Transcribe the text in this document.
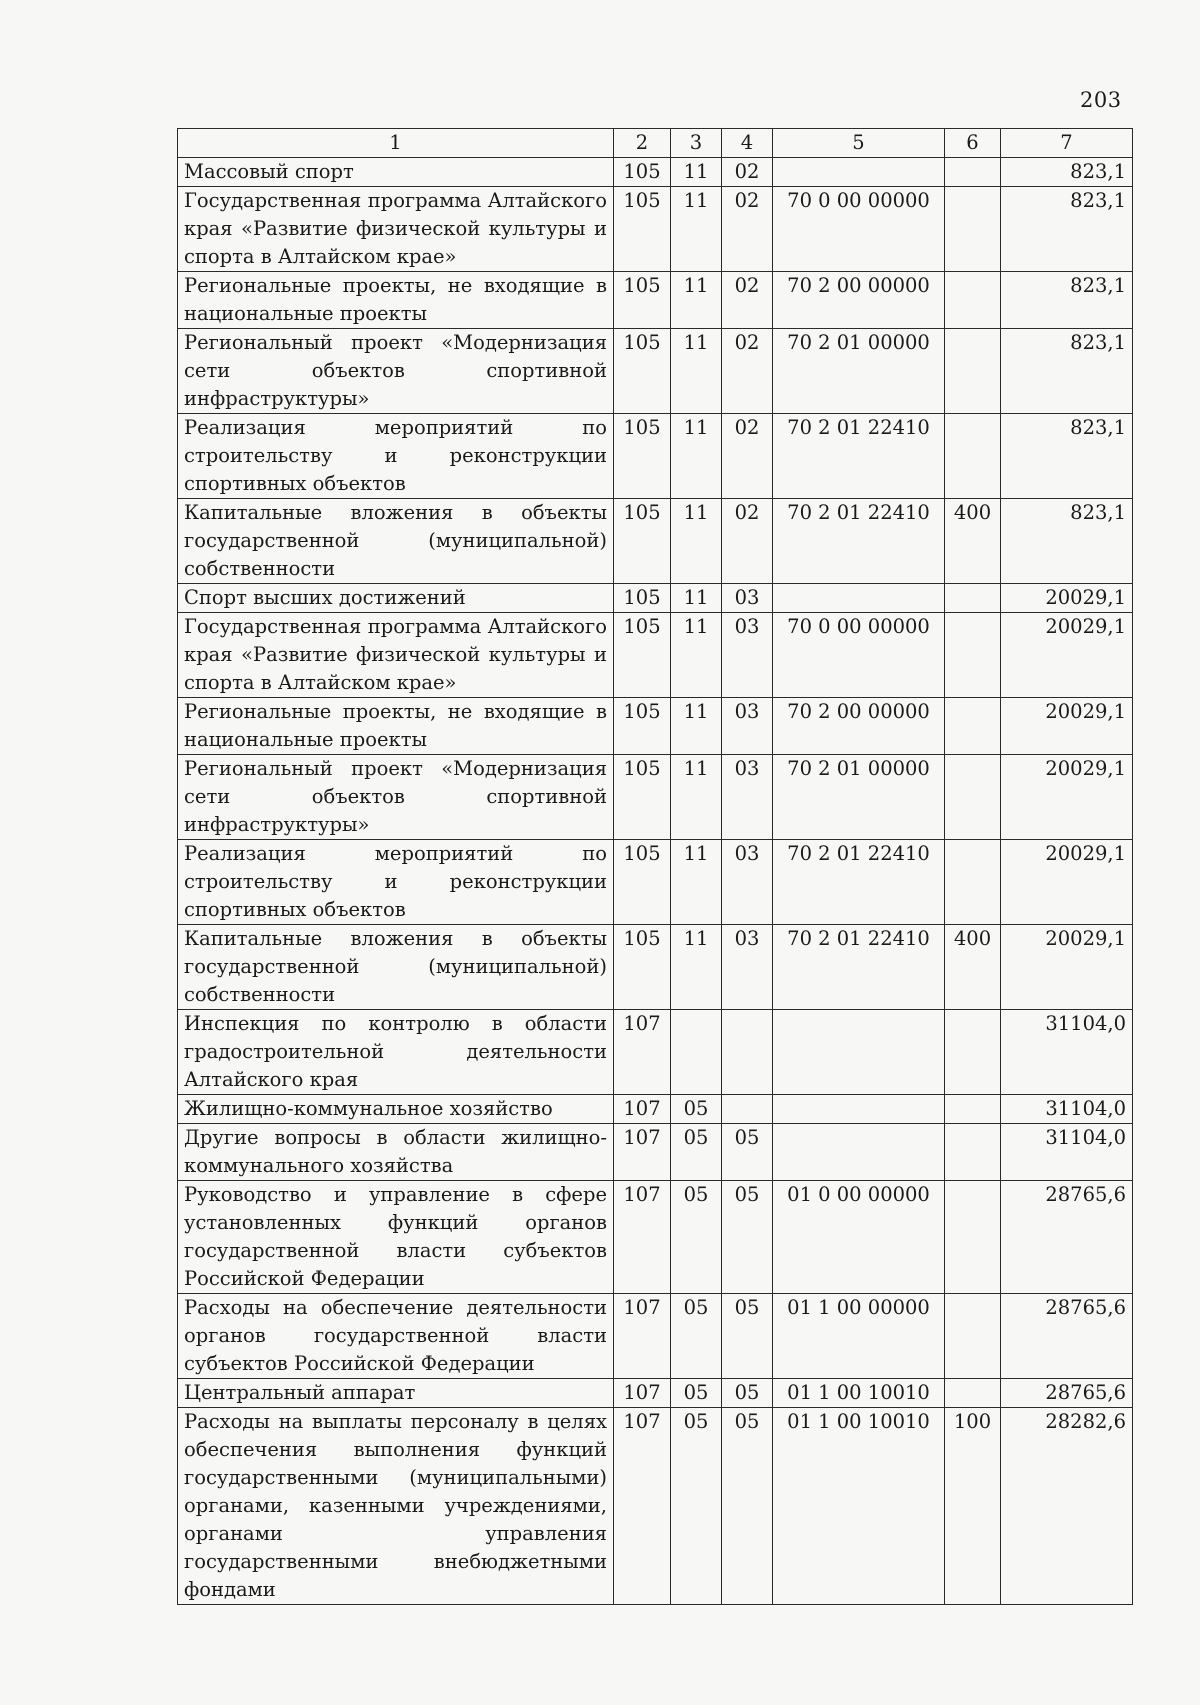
203
1	2	3	4	5	6	7
Массовый спорт	105	11	02			823,1
Государственная программа Алтайского края «Развитие физической культуры и спорта в Алтайском крае»	105	11	02	70 0 00 00000		823,1
Региональные проекты, не входящие в национальные проекты	105	11	02	70 2 00 00000		823,1
Региональный проект «Модернизация сети объектов спортивной инфраструктуры»	105	11	02	70 2 01 00000		823,1
Реализация мероприятий по строительству и реконструкции спортивных объектов	105	11	02	70 2 01 22410		823,1
Капитальные вложения в объекты государственной (муниципальной) собственности	105	11	02	70 2 01 22410	400	823,1
Спорт высших достижений	105	11	03			20029,1
Государственная программа Алтайского края «Развитие физической культуры и спорта в Алтайском крае»	105	11	03	70 0 00 00000		20029,1
Региональные проекты, не входящие в национальные проекты	105	11	03	70 2 00 00000		20029,1
Региональный проект «Модернизация сети объектов спортивной инфраструктуры»	105	11	03	70 2 01 00000		20029,1
Реализация мероприятий по строительству и реконструкции спортивных объектов	105	11	03	70 2 01 22410		20029,1
Капитальные вложения в объекты государственной (муниципальной) собственности	105	11	03	70 2 01 22410	400	20029,1
Инспекция по контролю в области градостроительной деятельности Алтайского края	107					31104,0
Жилищно-коммунальное хозяйство	107	05				31104,0
Другие вопросы в области жилищно-коммунального хозяйства	107	05	05			31104,0
Руководство и управление в сфере установленных функций органов государственной власти субъектов Российской Федерации	107	05	05	01 0 00 00000		28765,6
Расходы на обеспечение деятельности органов государственной власти субъектов Российской Федерации	107	05	05	01 1 00 00000		28765,6
Центральный аппарат	107	05	05	01 1 00 10010		28765,6
Расходы на выплаты персоналу в целях обеспечения выполнения функций государственными (муниципальными) органами, казенными учреждениями, органами управления государственными внебюджетными фондами	107	05	05	01 1 00 10010	100	28282,6
